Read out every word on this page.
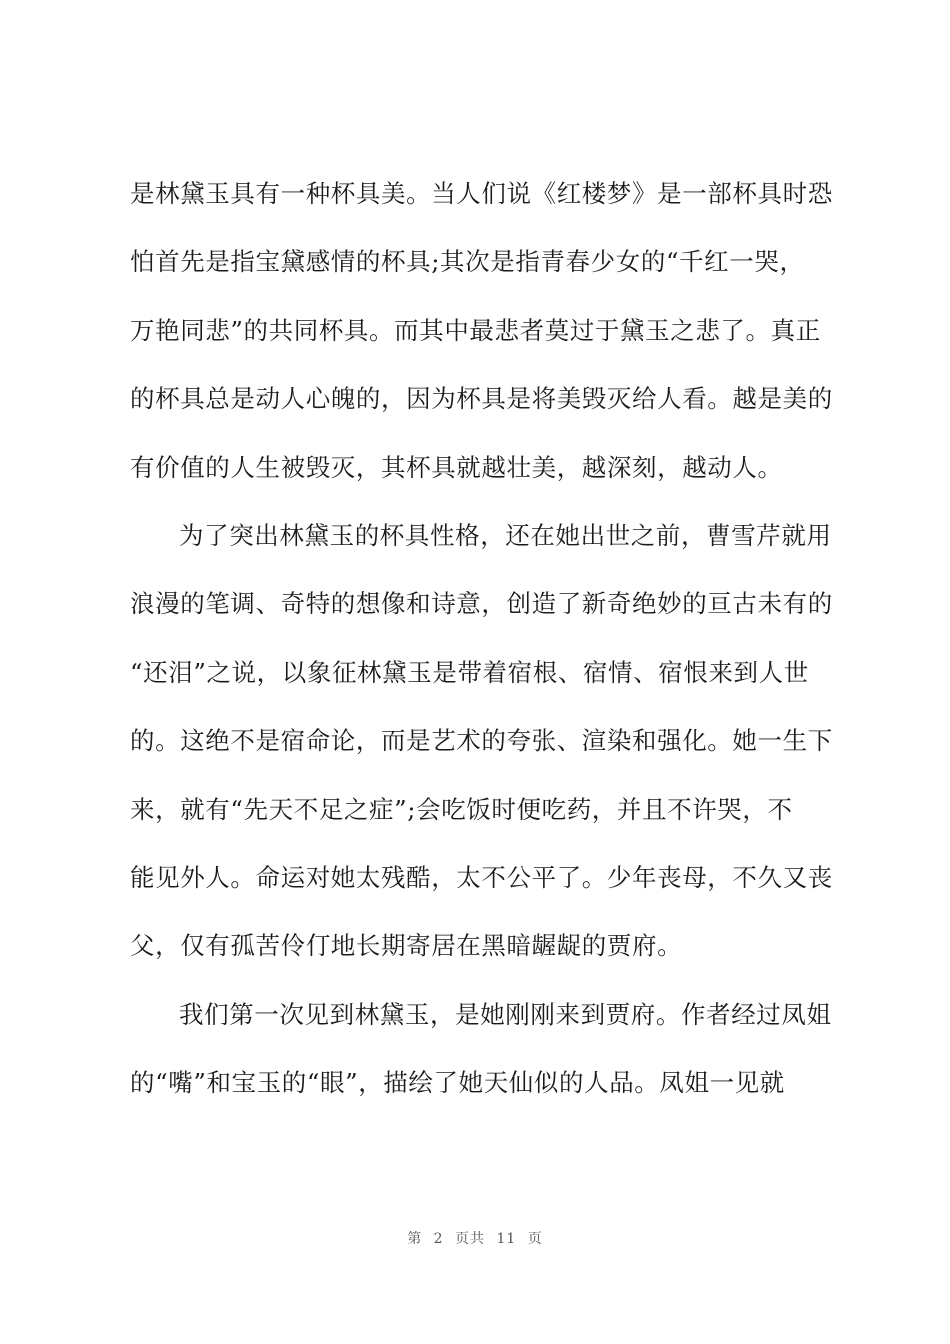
是林黛玉具有一种杯具美。当人们说《红楼梦》是一部杯具时恐
怕首先是指宝黛感情的杯具;其次是指青春少女的“千红一哭，
万艳同悲”的共同杯具。而其中最悲者莫过于黛玉之悲了。真正
的杯具总是动人心魄的，因为杯具是将美毁灭给人看。越是美的
有价值的人生被毁灭，其杯具就越壮美，越深刻，越动人。
为了突出林黛玉的杯具性格，还在她出世之前，曹雪芹就用
浪漫的笔调、奇特的想像和诗意，创造了新奇绝妙的亘古未有的
“还泪”之说，以象征林黛玉是带着宿根、宿情、宿恨来到人世
的。这绝不是宿命论，而是艺术的夸张、渲染和强化。她一生下
来，就有“先天不足之症”;会吃饭时便吃药，并且不许哭，不
能见外人。命运对她太残酷，太不公平了。少年丧母，不久又丧
父，仅有孤苦伶仃地长期寄居在黑暗龌龊的贾府。
我们第一次见到林黛玉，是她刚刚来到贾府。作者经过凤姐
的“嘴”和宝玉的“眼”，描绘了她天仙似的人品。凤姐一见就
第 2 页共 11 页
